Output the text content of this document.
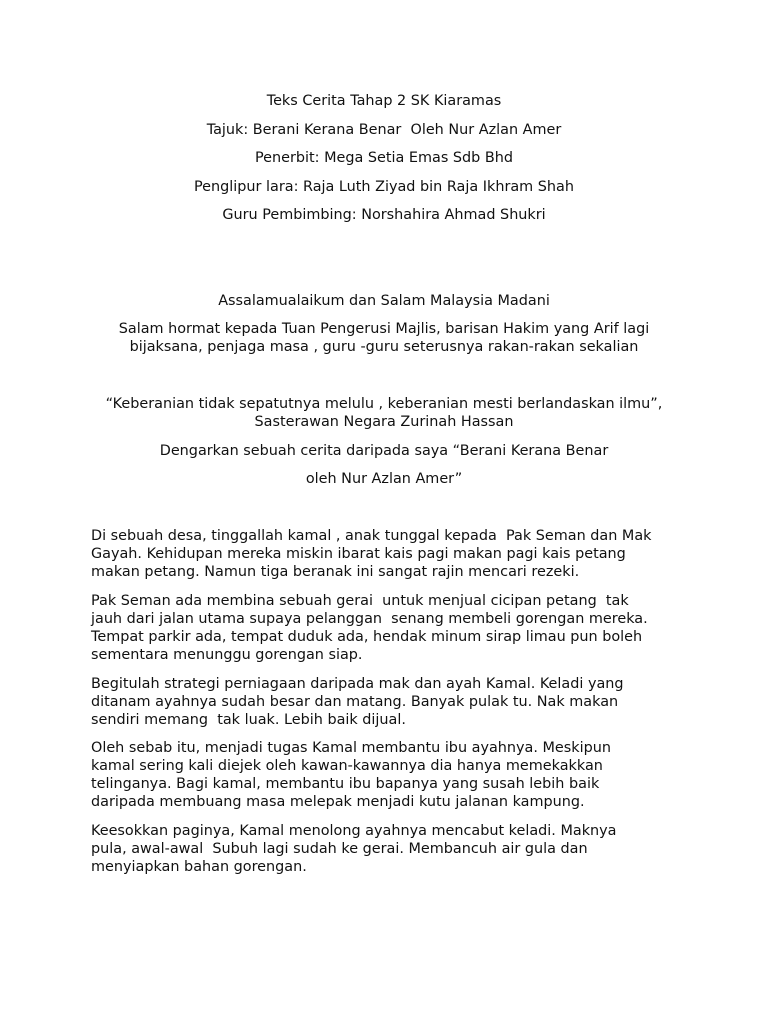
Teks Cerita Tahap 2 SK Kiaramas

Tajuk: Berani Kerana Benar  Oleh Nur Azlan Amer

Penerbit: Mega Setia Emas Sdb Bhd

Penglipur lara: Raja Luth Ziyad bin Raja Ikhram Shah

Guru Pembimbing: Norshahira Ahmad Shukri

Assalamualaikum dan Salam Malaysia Madani

Salam hormat kepada Tuan Pengerusi Majlis, barisan Hakim yang Arif lagi

bijaksana, penjaga masa , guru -guru seterusnya rakan-rakan sekalian

“Keberanian tidak sepatutnya melulu , keberanian mesti berlandaskan ilmu”,

Sasterawan Negara Zurinah Hassan

Dengarkan sebuah cerita daripada saya “Berani Kerana Benar

oleh Nur Azlan Amer”

Di sebuah desa, tinggallah kamal , anak tunggal kepada  Pak Seman dan Mak
Gayah. Kehidupan mereka miskin ibarat kais pagi makan pagi kais petang
makan petang. Namun tiga beranak ini sangat rajin mencari rezeki.
Pak Seman ada membina sebuah gerai  untuk menjual cicipan petang  tak
jauh dari jalan utama supaya pelanggan  senang membeli gorengan mereka.
Tempat parkir ada, tempat duduk ada, hendak minum sirap limau pun boleh
sementara menunggu gorengan siap.
Begitulah strategi perniagaan daripada mak dan ayah Kamal. Keladi yang
ditanam ayahnya sudah besar dan matang. Banyak pulak tu. Nak makan
sendiri memang  tak luak. Lebih baik dijual.
Oleh sebab itu, menjadi tugas Kamal membantu ibu ayahnya. Meskipun
kamal sering kali diejek oleh kawan-kawannya dia hanya memekakkan
telinganya. Bagi kamal, membantu ibu bapanya yang susah lebih baik
daripada membuang masa melepak menjadi kutu jalanan kampung.
Keesokkan paginya, Kamal menolong ayahnya mencabut keladi. Maknya
pula, awal-awal  Subuh lagi sudah ke gerai. Membancuh air gula dan
menyiapkan bahan gorengan.
